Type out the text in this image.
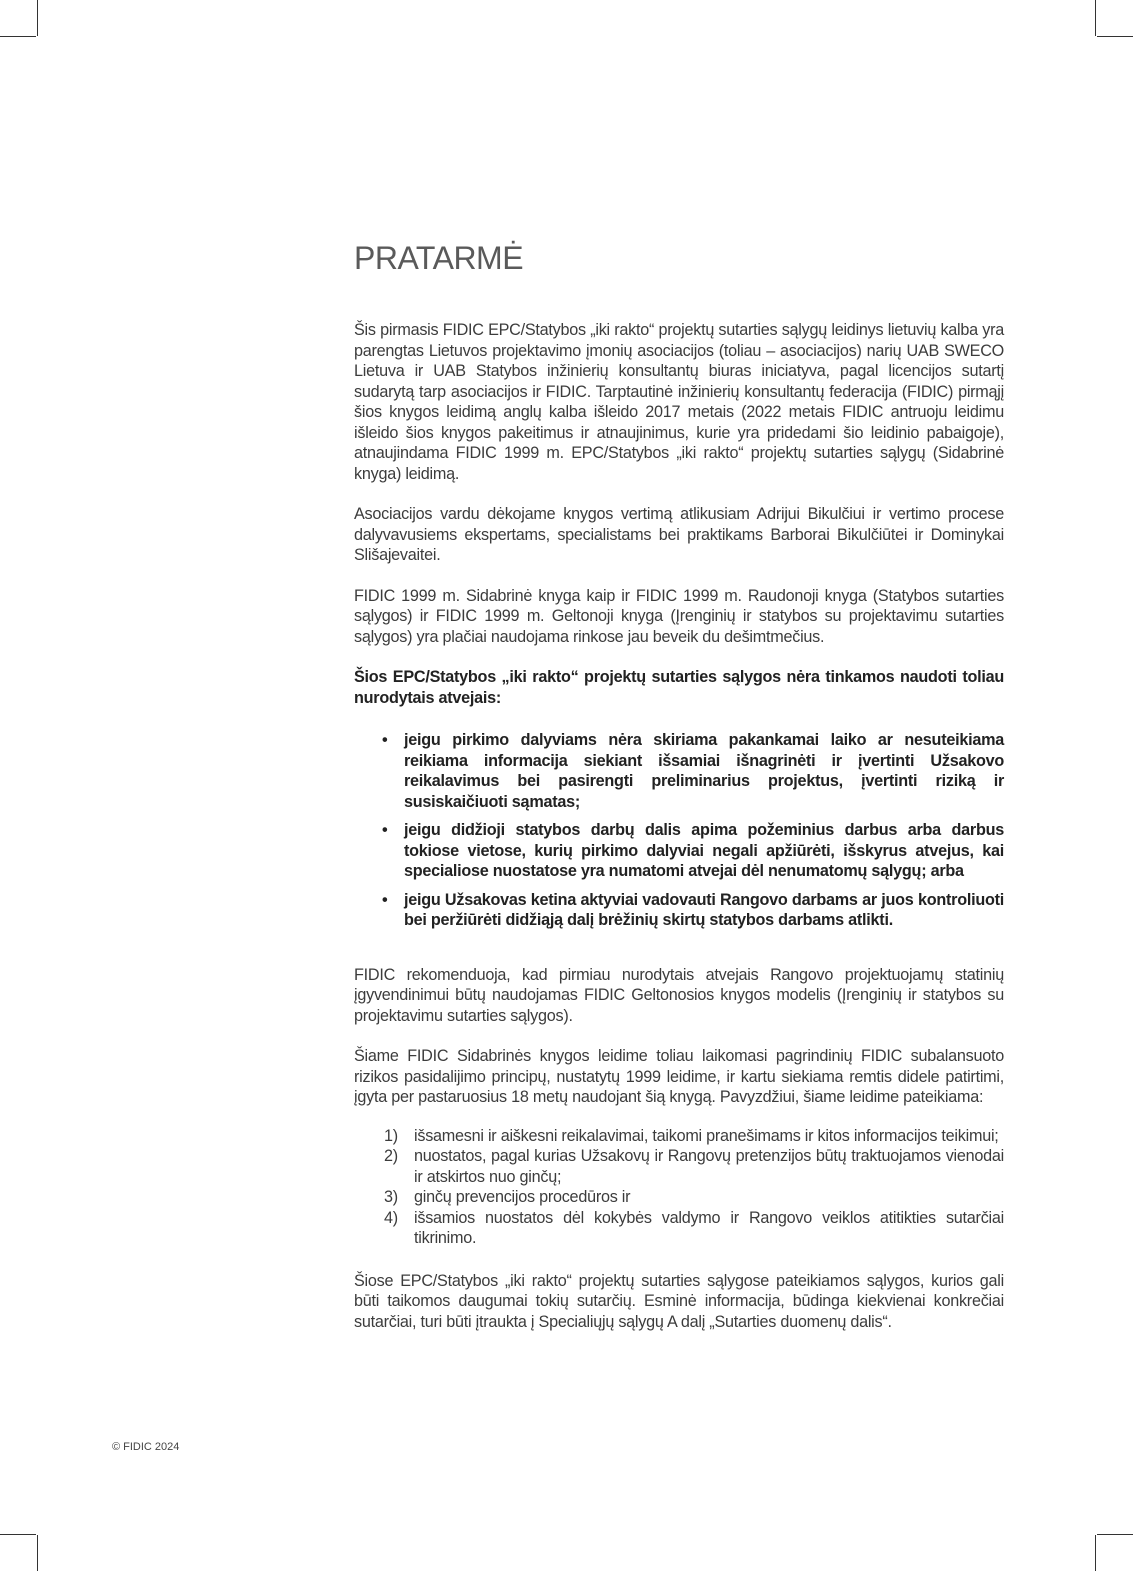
PRATARMĖ

Šis pirmasis FIDIC EPC/Statybos „iki rakto“ projektų sutarties sąlygų leidinys lietuvių kalba yra parengtas Lietuvos projektavimo įmonių asociacijos (toliau – asociacijos) narių UAB SWECO Lietuva ir UAB Statybos inžinierių konsultantų biuras iniciatyva, pagal licencijos sutartį sudarytą tarp asociacijos ir FIDIC. Tarptautinė inžinierių konsultantų federacija (FIDIC) pirmąjį šios knygos leidimą anglų kalba išleido 2017 metais (2022 metais FIDIC antruoju leidimu išleido šios knygos pakeitimus ir atnaujinimus, kurie yra pridedami šio leidinio pabaigoje), atnaujindama FIDIC 1999 m. EPC/Statybos „iki rakto“ projektų sutarties sąlygų (Sidabrinė knyga) leidimą.

Asociacijos vardu dėkojame knygos vertimą atlikusiam Adrijui Bikulčiui ir vertimo procese dalyvavusiems ekspertams, specialistams bei praktikams Barborai Bikulčiūtei ir Dominykai Slišajevaitei.

FIDIC 1999 m. Sidabrinė knyga kaip ir FIDIC 1999 m. Raudonoji knyga (Statybos sutarties sąlygos) ir FIDIC 1999 m. Geltonoji knyga (Įrenginių ir statybos su projektavimu sutarties sąlygos) yra plačiai naudojama rinkose jau beveik du dešimtmečius.

Šios EPC/Statybos „iki rakto“ projektų sutarties sąlygos nėra tinkamos naudoti toliau nurodytais atvejais:

• jeigu pirkimo dalyviams nėra skiriama pakankamai laiko ar nesuteikiama reikiama informacija siekiant išsamiai išnagrinėti ir įvertinti Užsakovo reikalavimus bei pasirengti preliminarius projektus, įvertinti riziką ir susiskaičiuoti sąmatas;
• jeigu didžioji statybos darbų dalis apima požeminius darbus arba darbus tokiose vietose, kurių pirkimo dalyviai negali apžiūrėti, išskyrus atvejus, kai specialiose nuostatose yra numatomi atvejai dėl nenumatomų sąlygų; arba
• jeigu Užsakovas ketina aktyviai vadovauti Rangovo darbams ar juos kontroliuoti bei peržiūrėti didžiąją dalį brėžinių skirtų statybos darbams atlikti.

FIDIC rekomenduoja, kad pirmiau nurodytais atvejais Rangovo projektuojamų statinių įgyvendinimui būtų naudojamas FIDIC Geltonosios knygos modelis (Įrenginių ir statybos su projektavimu sutarties sąlygos).

Šiame FIDIC Sidabrinės knygos leidime toliau laikomasi pagrindinių FIDIC subalansuoto rizikos pasidalijimo principų, nustatytų 1999 leidime, ir kartu siekiama remtis didele patirtimi, įgyta per pastaruosius 18 metų naudojant šią knygą. Pavyzdžiui, šiame leidime pateikiama:

1) išsamesni ir aiškesni reikalavimai, taikomi pranešimams ir kitos informacijos teikimui;
2) nuostatos, pagal kurias Užsakovų ir Rangovų pretenzijos būtų traktuojamos vienodai ir atskirtos nuo ginčų;
3) ginčų prevencijos procedūros ir
4) išsamios nuostatos dėl kokybės valdymo ir Rangovo veiklos atitikties sutarčiai tikrinimo.

Šiose EPC/Statybos „iki rakto“ projektų sutarties sąlygose pateikiamos sąlygos, kurios gali būti taikomos daugumai tokių sutarčių. Esminė informacija, būdinga kiekvienai konkrečiai sutarčiai, turi būti įtraukta į Specialiųjų sąlygų A dalį „Sutarties duomenų dalis“.

© FIDIC 2024
